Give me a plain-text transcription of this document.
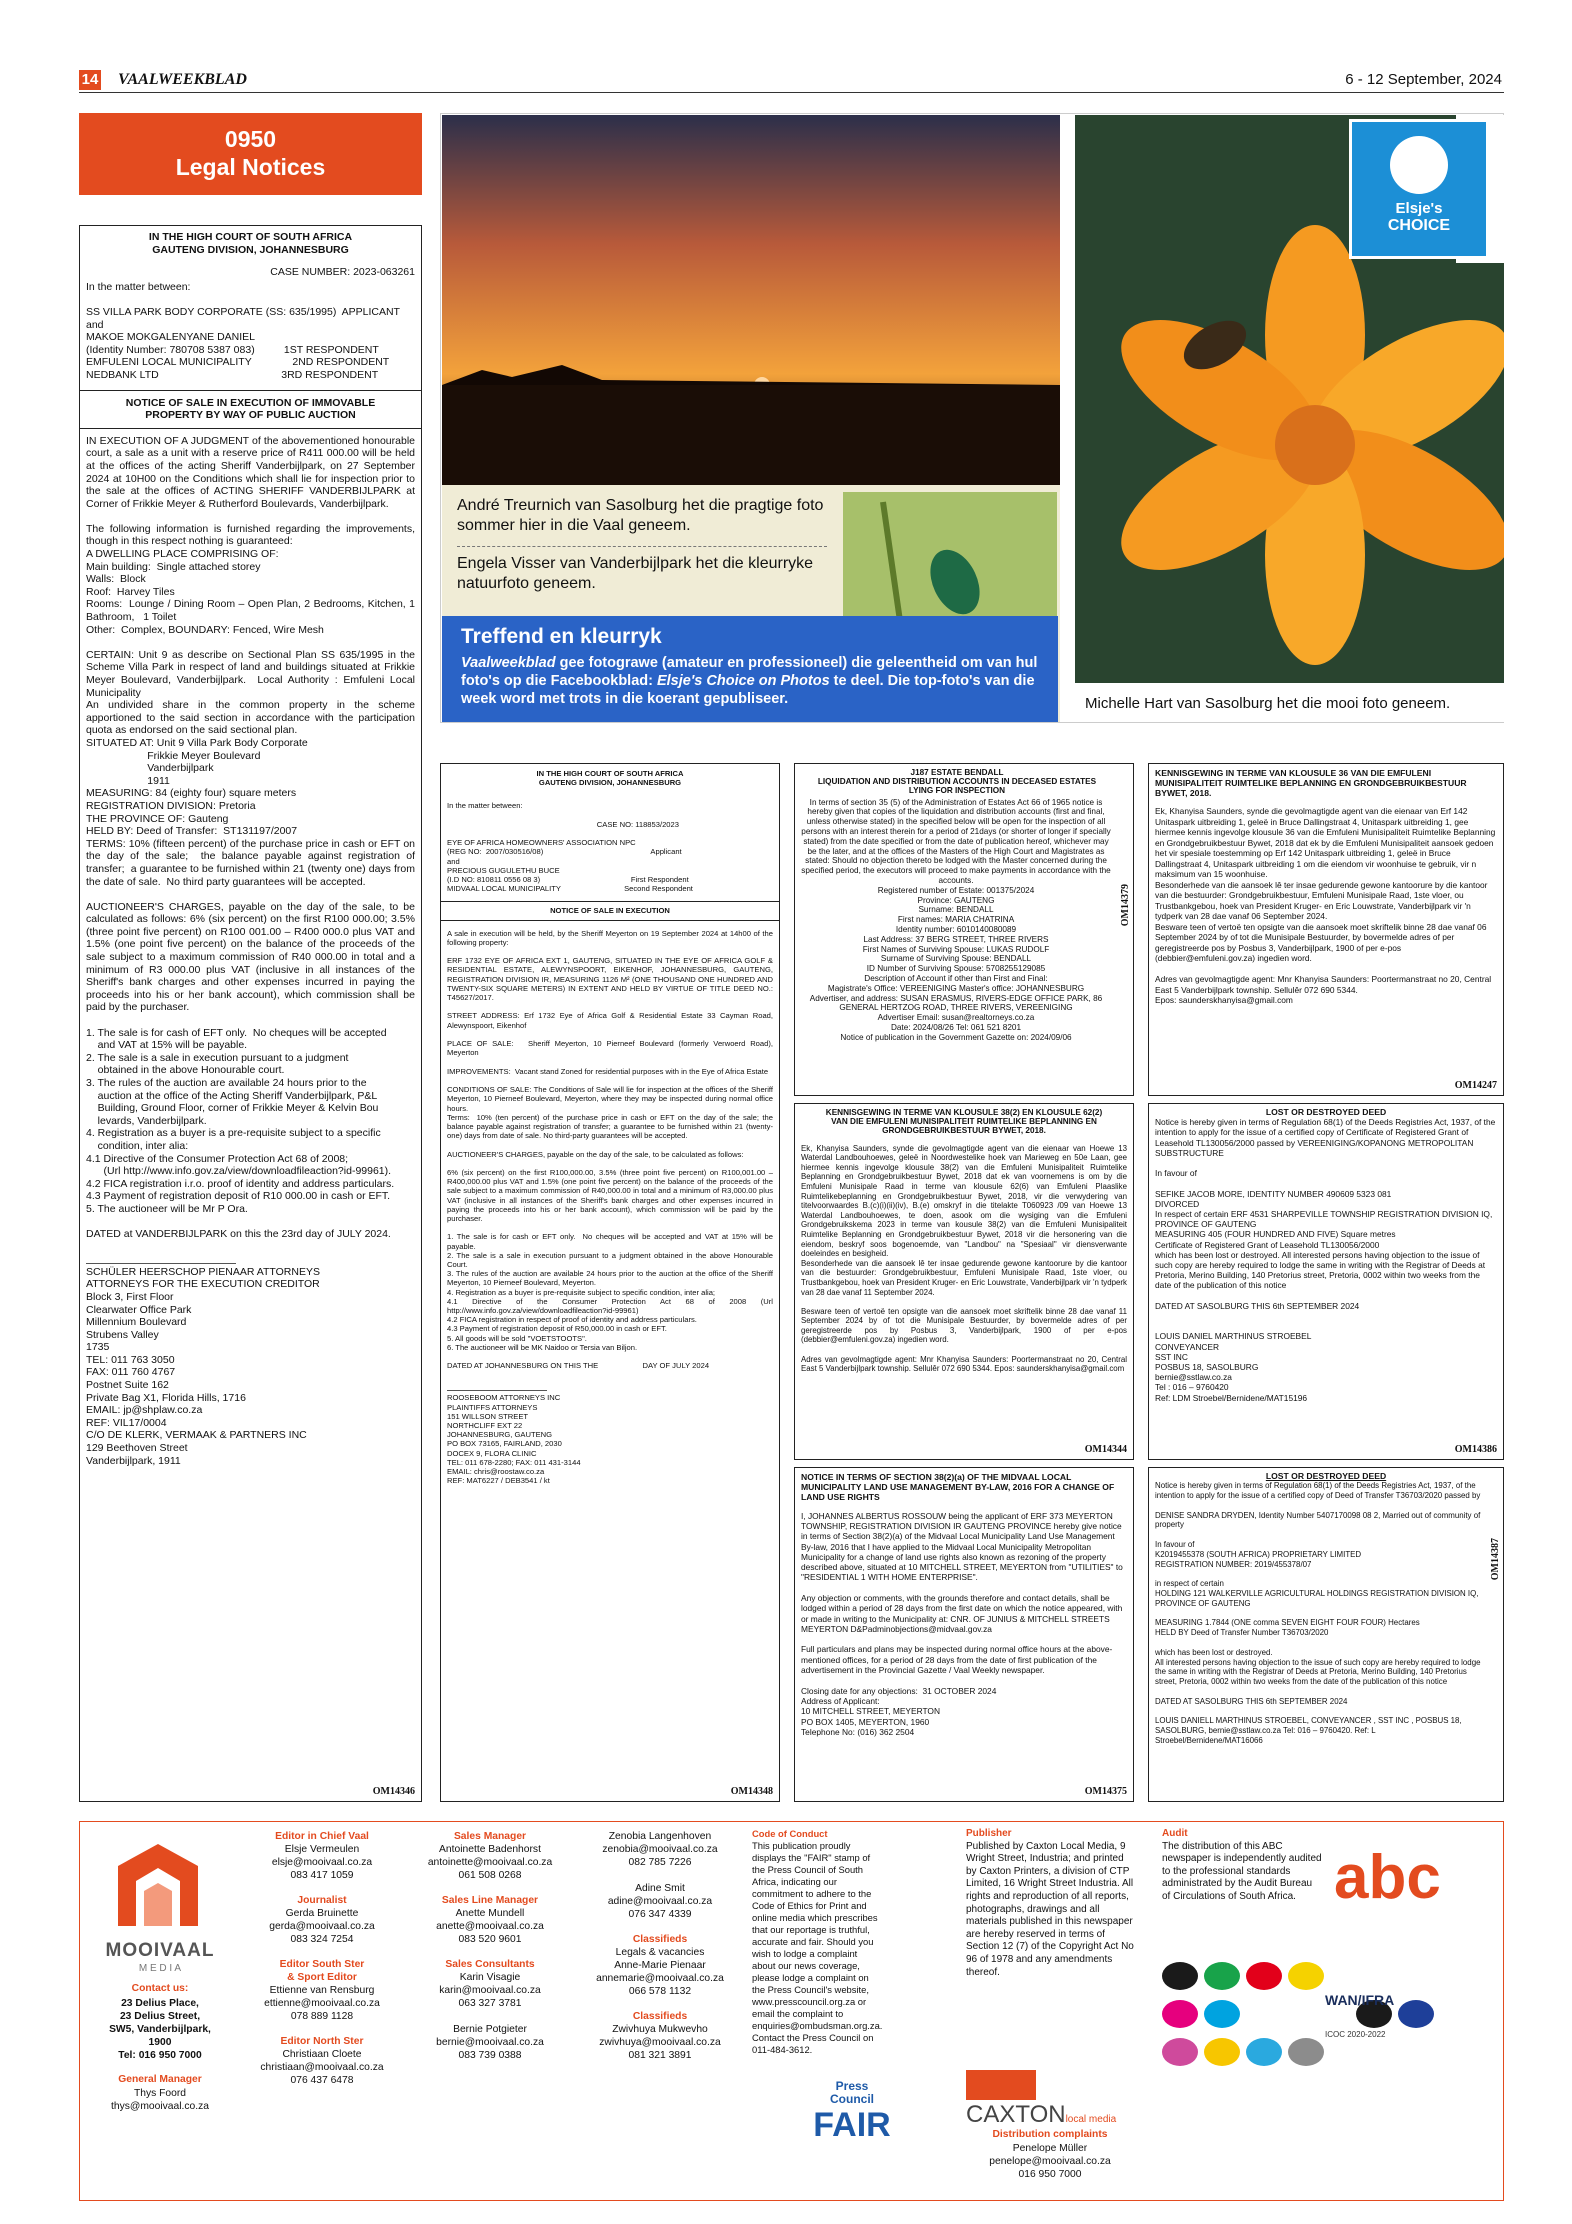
14 VAALWEEKBLAD	6 - 12 September, 2024
0950
Legal Notices

IN THE HIGH COURT OF SOUTH AFRICA
GAUTENG DIVISION, JOHANNESBURG

CASE NUMBER: 2023-063261

In the matter between:

SS VILLA PARK BODY CORPORATE (SS: 635/1995)  APPLICANT
and
MAKOE MOKGALENYANE DANIEL
(Identity Number: 780708 5387 083)          1ST RESPONDENT
EMFULENI LOCAL MUNICIPALITY              2ND RESPONDENT
NEDBANK LTD                                          3RD RESPONDENT

NOTICE OF SALE IN EXECUTION OF IMMOVABLE
PROPERTY BY WAY OF PUBLIC AUCTION

IN EXECUTION OF A JUDGMENT of the abovementioned honourable court, a sale as a unit with a reserve price of R411 000.00 will be held at the offices of the acting Sheriff Vanderbijlpark, on 27 September 2024 at 10H00 on the Conditions which shall lie for inspection prior to the sale at the offices of ACTING SHERIFF VANDERBIJLPARK at Corner of Frikkie Meyer & Rutherford Boulevards, Vanderbijlpark.

The following information is furnished regarding the improvements, though in this respect nothing is guaranteed:
A DWELLING PLACE COMPRISING OF:
Main building:  Single attached storey
Walls:  Block
Roof:  Harvey Tiles
Rooms:  Lounge / Dining Room – Open Plan, 2 Bedrooms, Kitchen, 1 Bathroom,   1 Toilet
Other:  Complex, BOUNDARY: Fenced, Wire Mesh

CERTAIN: Unit 9 as describe on Sectional Plan SS 635/1995 in the Scheme Villa Park in respect of land and buildings situated at Frikkie Meyer Boulevard, Vanderbijlpark.  Local Authority : Emfuleni Local Municipality
An undivided share in the common property in the scheme apportioned to the said section in accordance with the participation quota as endorsed on the said sectional plan.
SITUATED AT: Unit 9 Villa Park Body Corporate
Frikkie Meyer Boulevard
Vanderbijlpark
1911
MEASURING: 84 (eighty four) square meters
REGISTRATION DIVISION: Pretoria
THE PROVINCE OF: Gauteng
HELD BY: Deed of Transfer:  ST131197/2007
TERMS: 10% (fifteen percent) of the purchase price in cash or EFT on the day of the sale;  the balance payable against registration of transfer;  a guarantee to be furnished within 21 (twenty one) days from the date of sale.  No third party guarantees will be accepted.

AUCTIONEER'S CHARGES, payable on the day of the sale, to be calculated as follows: 6% (six percent) on the first R100 000.00; 3.5% (three point five percent) on R100 001.00 – R400 000.0 plus VAT and 1.5% (one point five percent) on the balance of the proceeds of the sale subject to a maximum commission of R40 000.00 in total and a minimum of R3 000.00 plus VAT (inclusive in all instances of the Sheriff's bank charges and other expenses incurred in paying the proceeds into his or her bank account), which commission shall be paid by the purchaser.

1. The sale is for cash of EFT only.  No cheques will be accepted
and VAT at 15% will be payable.
2. The sale is a sale in execution pursuant to a judgment
obtained in the above Honourable court.
3. The rules of the auction are available 24 hours prior to the
auction at the office of the Acting Sheriff Vanderbijlpark, P&L
Building, Ground Floor, corner of Frikkie Meyer & Kelvin Bou
levards, Vanderbijlpark.
4. Registration as a buyer is a pre-requisite subject to a specific
condition, inter alia:
4.1 Directive of the Consumer Protection Act 68 of 2008;
(Url http://www.info.gov.za/view/downloadfileaction?id-99961).
4.2 FICA registration i.r.o. proof of identity and address particulars.
4.3 Payment of registration deposit of R10 000.00 in cash or EFT.
5. The auctioneer will be Mr P Ora.

DATED at VANDERBIJLPARK on this the 23rd day of JULY 2024.

SCHÜLER HEERSCHOP PIENAAR ATTORNEYS
ATTORNEYS FOR THE EXECUTION CREDITOR
Block 3, First Floor
Clearwater Office Park
Millennium Boulevard
Strubens Valley
1735
TEL: 011 763 3050
FAX: 011 760 4767
Postnet Suite 162
Private Bag X1, Florida Hills, 1716
EMAIL: jp@shplaw.co.za
REF: VIL17/0004
C/O DE KLERK, VERMAAK & PARTNERS INC
129 Beethoven Street
Vanderbijlpark, 1911

OM14346

André Treurnich van Sasolburg het die pragtige foto sommer hier in die Vaal geneem.

Engela Visser van Vanderbijlpark het die kleurryke natuurfoto geneem.

Treffend en kleurryk

Vaalweekblad gee fotograwe (amateur en professioneel) die geleentheid om van hul foto's op die Facebookblad: Elsje's Choice on Photos te deel. Die top-foto's van die week word met trots in die koerant gepubliseer.

Elsje's
CHOICE

Michelle Hart van Sasolburg het die mooi foto geneem.

IN THE HIGH COURT OF SOUTH AFRICA
GAUTENG DIVISION, JOHANNESBURG

In the matter between:

CASE NO: 118853/2023

EYE OF AFRICA HOMEOWNERS' ASSOCIATION NPC
(REG NO:  2007/030516/08)                                                   Applicant
and
PRECIOUS GUGULETHU BUCE
(I.D NO: 810811 0556 08 3)                                           First Respondent
MIDVAAL LOCAL MUNICIPALITY                              Second Respondent

NOTICE OF SALE IN EXECUTION

A sale in execution will be held, by the Sheriff Meyerton on 19 September 2024 at 14h00 of the following property:

ERF 1732 EYE OF AFRICA EXT 1, GAUTENG, SITUATED IN THE EYE OF AFRICA GOLF & RESIDENTIAL ESTATE, ALEWYNSPOORT, EIKENHOF, JOHANNESBURG, GAUTENG, REGISTRATION DIVISION IR, MEASURING 1126 M² (ONE THOUSAND ONE HUNDRED AND TWENTY-SIX SQUARE METERS) IN EXTENT AND HELD BY VIRTUE OF TITLE DEED NO.: T45627/2017.

STREET ADDRESS: Erf 1732 Eye of Africa Golf & Residential Estate 33 Cayman Road, Alewynspoort, Eikenhof

PLACE OF SALE:   Sheriff Meyerton, 10 Pierneef Boulevard (formerly Verwoerd Road), Meyerton

IMPROVEMENTS:  Vacant stand Zoned for residential purposes with in the Eye of Africa Estate

CONDITIONS OF SALE: The Conditions of Sale will lie for inspection at the offices of the Sheriff Meyerton, 10 Pierneef Boulevard, Meyerton, where they may be inspected during normal office hours.
Terms:  10% (ten percent) of the purchase price in cash or EFT on the day of the sale; the balance payable against registration of transfer; a guarantee to be furnished within 21 (twenty-one) days from date of sale. No third-party guarantees will be accepted.

AUCTIONEER'S CHARGES, payable on the day of the sale, to be calculated as follows:

6% (six percent) on the first R100,000.00, 3.5% (three point five percent) on R100,001.00 – R400,000.00 plus VAT and 1.5% (one point five percent) on the balance of the proceeds of the sale subject to a maximum commission of R40,000.00 in total and a minimum of R3,000.00 plus VAT (inclusive in all instances of the Sheriff's bank charges and other expenses incurred in paying the proceeds into his or her bank account), which commission will be paid by the purchaser.

1. The sale is for cash or EFT only.  No cheques will be accepted and VAT at 15% will be payable.
2. The sale is a sale in execution pursuant to a judgment obtained in the above Honourable Court.
3. The rules of the auction are available 24 hours prior to the auction at the office of the Sheriff Meyerton, 10 Pierneef Boulevard, Meyerton.
4. Registration as a buyer is pre-requisite subject to specific condition, inter alia;
4.1 Directive of the Consumer Protection Act 68 of 2008 (Url http://www.info.gov.za/view/downloadfileaction?id-99961)
4.2 FICA registration in respect of proof of identity and address particulars.
4.3 Payment of registration deposit of R50,000.00 in cash or EFT.
5. All goods will be sold "VOETSTOOTS".
6. The auctioneer will be MK Naidoo or Tersia van Biljon.

DATED AT JOHANNESBURG ON THIS THE                     DAY OF JULY 2024

ROOSEBOOM ATTORNEYS INC
PLAINTIFFS ATTORNEYS
151 WILLSON STREET
NORTHCLIFF EXT 22
JOHANNESBURG, GAUTENG
PO BOX 73165, FAIRLAND, 2030
DOCEX 9, FLORA CLINIC
TEL: 011 678-2280; FAX: 011 431-3144
EMAIL: chris@roostaw.co.za
REF: MAT6227 / DEB3541 / kt

OM14348

J187 ESTATE BENDALL
LIQUIDATION AND DISTRIBUTION ACCOUNTS IN DECEASED ESTATES
LYING FOR INSPECTION

In terms of section 35 (5) of the Administration of Estates Act 66 of 1965 notice is hereby given that copies of the liquidation and distribution accounts (first and final, unless otherwise stated) in the specified below will be open for the inspection of all persons with an interest therein for a period of 21days (or shorter of longer if specially stated) from the date specified or from the date of publication hereof, whichever may be the later, and at the offices of the Masters of the High Court and Magistrates as stated: Should no objection thereto be lodged with the Master concerned during the specified period, the executors will proceed to make payments in accordance with the accounts.
Registered number of Estate: 001375/2024
Province: GAUTENG
Surname: BENDALL
First names: MARIA CHATRINA
Identity number: 6010140080089
Last Address: 37 BERG STREET, THREE RIVERS
First Names of Surviving Spouse: LUKAS RUDOLF
Surname of Surviving Spouse: BENDALL
ID Number of Surviving Spouse: 5708255129085
Description of Account if other than First and Final:
Magistrate's Office: VEREENIGING Master's office: JOHANNESBURG
Advertiser, and address: SUSAN ERASMUS, RIVERS-EDGE OFFICE PARK, 86 GENERAL HERTZOG ROAD, THREE RIVERS, VEREENIGING
Advertiser Email: susan@realtorneys.co.za
Date: 2024/08/26 Tel: 061 521 8201
Notice of publication in the Government Gazette on: 2024/09/06

OM14379

KENNISGEWING IN TERME VAN KLOUSULE 36 VAN DIE EMFULENI
MUNISIPALITEIT RUIMTELIKE BEPLANNING EN GRONDGEBRUIKBESTUUR
BYWET, 2018.

Ek, Khanyisa Saunders, synde die gevolmagtigde agent van die eienaar van Erf 142 Unitaspark uitbreiding 1, geleë in Bruce Dallingstraat 4, Unitaspark uitbreiding 1, gee hiermee kennis ingevolge klousule 36 van die Emfuleni Munisipaliteit Ruimtelike Beplanning en Grondgebruikbestuur Bywet, 2018 dat ek by die Emfuleni Munisipaliteit aansoek gedoen het vir spesiale toestemming op Erf 142 Unitaspark uitbreiding 1, geleë in Bruce Dallingstraat 4, Unitaspark uitbreiding 1 om die eiendom vir woonhuise te gebruik, vir n maksimum van 15 woonhuise.
Besonderhede van die aansoek lê ter insae gedurende gewone kantoorure by die kantoor van die bestuurder: Grondgebruikbestuur, Emfuleni Munisipale Raad, 1ste vloer, ou Trustbankgebou, hoek van President Kruger- en Eric Louwstrate, Vanderbijlpark vir 'n tydperk van 28 dae vanaf 06 September 2024.
Besware teen of vertoë ten opsigte van die aansoek moet skriftelik binne 28 dae vanaf 06 September 2024 by of tot die Munisipale Bestuurder, by bovermelde adres of per geregistreerde pos by Posbus 3, Vanderbijlpark, 1900 of per e-pos (debbier@emfuleni.gov.za) ingedien word.

Adres van gevolmagtigde agent: Mnr Khanyisa Saunders: Poortermanstraat no 20, Central East 5 Vanderbijlpark township. Sellulêr 072 690 5344.
Epos: saunderskhanyisa@gmail.com

OM14247

KENNISGEWING IN TERME VAN KLOUSULE 38(2) EN KLOUSULE 62(2)
VAN DIE EMFULENI MUNISIPALITEIT RUIMTELIKE BEPLANNING EN
GRONDGEBRUIKBESTUUR BYWET, 2018.

Ek, Khanyisa Saunders, synde die gevolmagtigde agent van die eienaar van Hoewe 13 Waterdal Landbouhoewes, geleë in Noordwestelike hoek van Marieweg en 50e Laan, gee hiermee kennis ingevolge klousule 38(2) van die Emfuleni Munisipaliteit Ruimtelike Beplanning en Grondgebruikbestuur Bywet, 2018 dat ek van voornemens is om by die Emfuleni Munisipale Raad in terme van klousule 62(6) van Emfuleni Plaaslike Ruimtelikebeplanning en Grondgebruikbestuur Bywet, 2018, vir die verwydering van titelvoorwaardes B.(c)(i)(ii)(iv), B.(e) omskryf in die titelakte T060923 /09 van Hoewe 13 Waterdal Landbouhoewes, te doen, asook om die wysiging van die Emfuleni Grondgebruikskema 2023 in terme van kousule 38(2) van die Emfuleni Munisipaliteit Ruimtelike Beplanning en Grondgebruikbestuur Bywet, 2018 vir die hersonering van die eiendom, beskryf soos bogenoemde, van "Landbou" na "Spesiaal" vir diensverwante doeleindes en besigheid.
Besonderhede van die aansoek lê ter insae gedurende gewone kantoorure by die kantoor van die bestuurder: Grondgebruikbestuur, Emfuleni Munisipale Raad, 1ste vloer, ou Trustbankgebou, hoek van President Kruger- en Eric Louwstrate, Vanderbijlpark vir 'n tydperk van 28 dae vanaf 11 September 2024.

Besware teen of vertoë ten opsigte van die aansoek moet skriftelik binne 28 dae vanaf 11 September 2024 by of tot die Munisipale Bestuurder, by bovermelde adres of per geregistreerde pos by Posbus 3, Vanderbijlpark, 1900 of per e-pos (debbier@emfuleni.gov.za) ingedien word.

Adres van gevolmagtigde agent: Mnr Khanyisa Saunders: Poortermanstraat no 20, Central East 5 Vanderbijlpark township. Sellulêr 072 690 5344. Epos: saunderskhanyisa@gmail.com

OM14344

LOST OR DESTROYED DEED

Notice is hereby given in terms of Regulation 68(1) of the Deeds Registries Act, 1937, of the intention to apply for the issue of a certified copy of Certificate of Registered Grant of Leasehold TL130056/2000 passed by VEREENIGING/KOPANONG METROPOLITAN SUBSTRUCTURE

In favour of

SEFIKE JACOB MORE, IDENTITY NUMBER 490609 5323 081
DIVORCED
In respect of certain ERF 4531 SHARPEVILLE TOWNSHIP REGISTRATION DIVISION IQ, PROVINCE OF GAUTENG
MEASURING 405 (FOUR HUNDRED AND FIVE) Square metres
Certificate of Registered Grant of Leasehold TL130056/2000
which has been lost or destroyed. All interested persons having objection to the issue of such copy are hereby required to lodge the same in writing with the Registrar of Deeds at Pretoria, Merino Building, 140 Pretorius street, Pretoria, 0002 within two weeks from the date of the publication of this notice

DATED AT SASOLBURG THIS 6th SEPTEMBER 2024

LOUIS DANIEL MARTHINUS STROEBEL
CONVEYANCER
SST INC
POSBUS 18, SASOLBURG
bernie@sstlaw.co.za
Tel : 016 – 9760420
Ref: LDM Stroebel/Bernidene/MAT15196

OM14386

NOTICE IN TERMS OF SECTION 38(2)(a) OF THE MIDVAAL LOCAL
MUNICIPALITY LAND USE MANAGEMENT BY-LAW, 2016 FOR A CHANGE OF
LAND USE RIGHTS

I, JOHANNES ALBERTUS ROSSOUW being the applicant of ERF 373 MEYERTON TOWNSHIP, REGISTRATION DIVISION IR GAUTENG PROVINCE hereby give notice in terms of Section 38(2)(a) of the Midvaal Local Municipality Land Use Management By-law, 2016 that I have applied to the Midvaal Local Municipality Metropolitan Municipality for a change of land use rights also known as rezoning of the property described above, situated at 10 MITCHELL STREET, MEYERTON from "UTILITIES" to "RESIDENTIAL 1 WITH HOME ENTERPRISE".

Any objection or comments, with the grounds therefore and contact details, shall be lodged within a period of 28 days from the first date on which the notice appeared, with or made in writing to the Municipality at: CNR. OF JUNIUS & MITCHELL STREETS MEYERTON D&Padminobjections@midvaal.gov.za

Full particulars and plans may be inspected during normal office hours at the above-mentioned offices, for a period of 28 days from the date of first publication of the advertisement in the Provincial Gazette / Vaal Weekly newspaper.

Closing date for any objections:  31 OCTOBER 2024
Address of Applicant:
10 MITCHELL STREET, MEYERTON
PO BOX 1405, MEYERTON, 1960
Telephone No: (016) 362 2504

OM14375

LOST OR DESTROYED DEED

Notice is hereby given in terms of Regulation 68(1) of the Deeds Registries Act, 1937, of the intention to apply for the issue of a certified copy of Deed of Transfer T36703/2020 passed by

DENISE SANDRA DRYDEN, Identity Number 5407170098 08 2, Married out of community of property

In favour of
K2019455378 (SOUTH AFRICA) PROPRIETARY LIMITED
REGISTRATION NUMBER: 2019/455378/07

in respect of certain
HOLDING 121 WALKERVILLE AGRICULTURAL HOLDINGS REGISTRATION DIVISION IQ, PROVINCE OF GAUTENG

MEASURING 1.7844 (ONE comma SEVEN EIGHT FOUR FOUR) Hectares
HELD BY Deed of Transfer Number T36703/2020

which has been lost or destroyed.
All interested persons having objection to the issue of such copy are hereby required to lodge the same in writing with the Registrar of Deeds at Pretoria, Merino Building, 140 Pretorius street, Pretoria, 0002 within two weeks from the date of the publication of this notice

DATED AT SASOLBURG THIS 6th SEPTEMBER 2024

LOUIS DANIELL MARTHINUS STROEBEL, CONVEYANCER , SST INC , POSBUS 18, SASOLBURG, bernie@sstlaw.co.za Tel: 016 – 9760420. Ref: L Stroebel/Bernidene/MAT16066

OM14387
MOOIVAAL
M E D I A
Contact us:

23 Delius Place,
23 Delius Street,
SW5, Vanderbijlpark,
1900
Tel: 016 950 7000

General Manager

Thys Foord
thys@mooivaal.co.za

Editor in Chief Vaal

Elsje Vermeulen
elsje@mooivaal.co.za
083 417 1059

Journalist

Gerda Bruinette
gerda@mooivaal.co.za
083 324 7254

Editor South Ster
& Sport Editor

Ettienne van Rensburg
ettienne@mooivaal.co.za
078 889 1128

Editor North Ster

Christiaan Cloete
christiaan@mooivaal.co.za
076 437 6478

Sales Manager

Antoinette Badenhorst
antoinette@mooivaal.co.za
061 508 0268

Sales Line Manager

Anette Mundell
anette@mooivaal.co.za
083 520 9601

Sales Consultants

Karin Visagie
karin@mooivaal.co.za
063 327 3781

Bernie Potgieter
bernie@mooivaal.co.za
083 739 0388

Zenobia Langenhoven
zenobia@mooivaal.co.za
082 785 7226

Adine Smit
adine@mooivaal.co.za
076 347 4339

Classifieds

Legals & vacancies
Anne-Marie Pienaar
annemarie@mooivaal.co.za
066 578 1132

Classifieds

Zwivhuya Mukwevho
zwivhuya@mooivaal.co.za
081 321 3891

Code of Conduct

This publication proudly displays the "FAIR" stamp of the Press Council of South Africa, indicating our commitment to adhere to the Code of Ethics for Print and online media which prescribes that our reportage is truthful, accurate and fair. Should you wish to lodge a complaint about our news coverage, please lodge a complaint on the Press Council's website, www.presscouncil.org.za or email the complaint to enquiries@ombudsman.org.za. Contact the Press Council on 011-484-3612.

Press
Council
FAIR
Publisher

Published by Caxton Local Media, 9 Wright Street, Industria; and printed by Caxton Printers, a division of CTP Limited, 16 Wright Street Industria. All rights and reproduction of all reports, photographs, drawings and all materials published in this newspaper are hereby reserved in terms of Section 12 (7) of the Copyright Act No 96 of 1978 and any amendments thereof.

CAXTONlocal media
Distribution complaints

Penelope Müller
penelope@mooivaal.co.za
016 950 7000

Audit

The distribution of this ABC newspaper is independently audited to the professional standards administrated by the Audit Bureau of Circulations of South Africa. abc
WAN/IFRA
ICOC 2020-2022
